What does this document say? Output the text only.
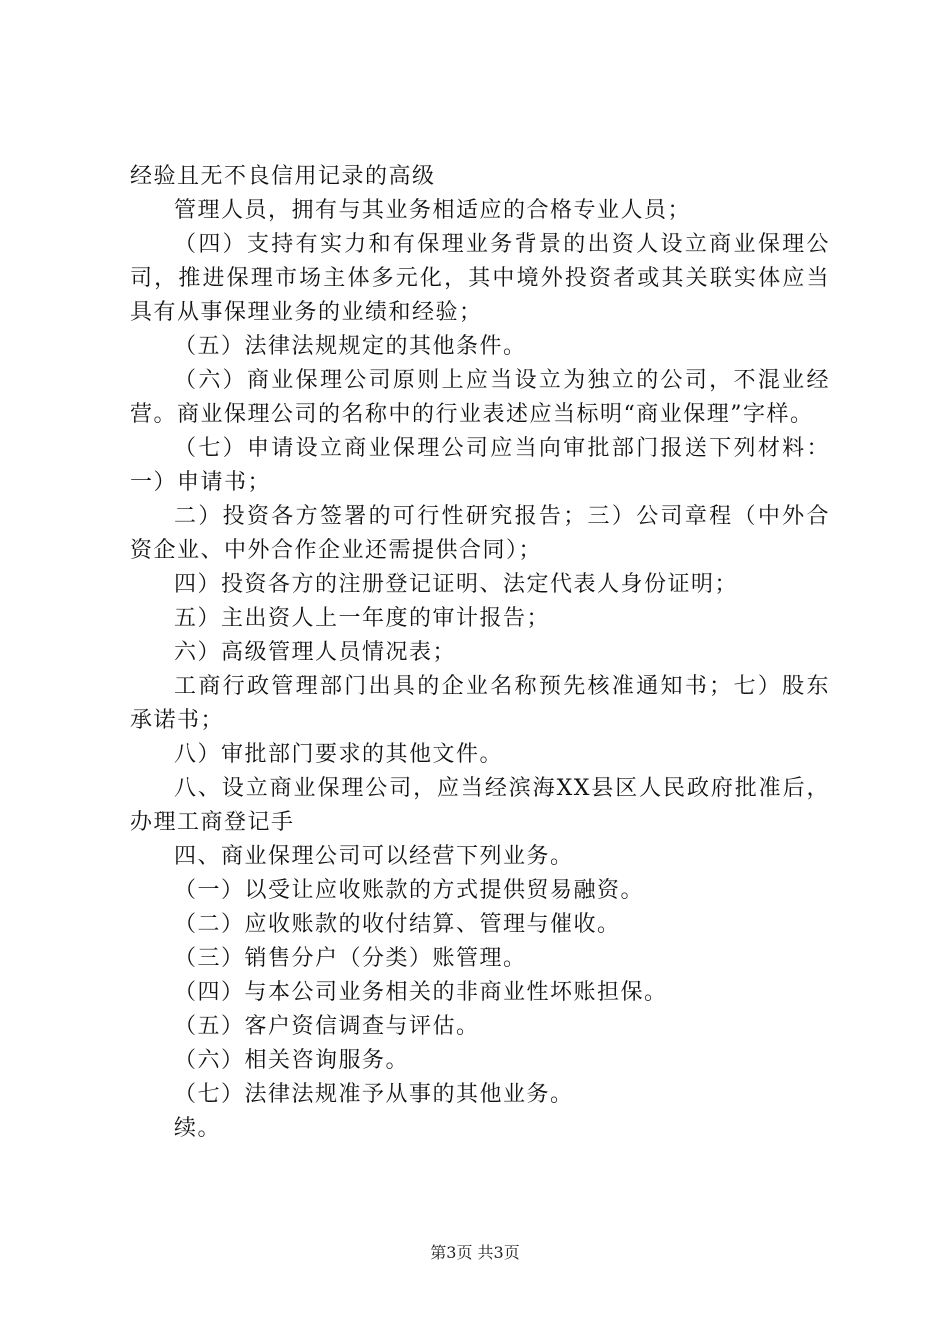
经验且无不良信用记录的高级

管理人员，拥有与其业务相适应的合格专业人员；

（四）支持有实力和有保理业务背景的出资人设立商业保理公司，推进保理市场主体多元化，其中境外投资者或其关联实体应当具有从事保理业务的业绩和经验；

（五）法律法规规定的其他条件。

（六）商业保理公司原则上应当设立为独立的公司，不混业经营。商业保理公司的名称中的行业表述应当标明“商业保理”字样。

（七）申请设立商业保理公司应当向审批部门报送下列材料：一）申请书；

二）投资各方签署的可行性研究报告；三）公司章程（中外合资企业、中外合作企业还需提供合同）；

四）投资各方的注册登记证明、法定代表人身份证明；

五）主出资人上一年度的审计报告；

六）高级管理人员情况表；

工商行政管理部门出具的企业名称预先核准通知书；七）股东承诺书；

八）审批部门要求的其他文件。

八、设立商业保理公司，应当经滨海XX县区人民政府批准后，办理工商登记手

四、商业保理公司可以经营下列业务。

（一）以受让应收账款的方式提供贸易融资。

（二）应收账款的收付结算、管理与催收。

（三）销售分户（分类）账管理。

（四）与本公司业务相关的非商业性坏账担保。

（五）客户资信调查与评估。

（六）相关咨询服务。

（七）法律法规准予从事的其他业务。

续。

第3页 共3页
